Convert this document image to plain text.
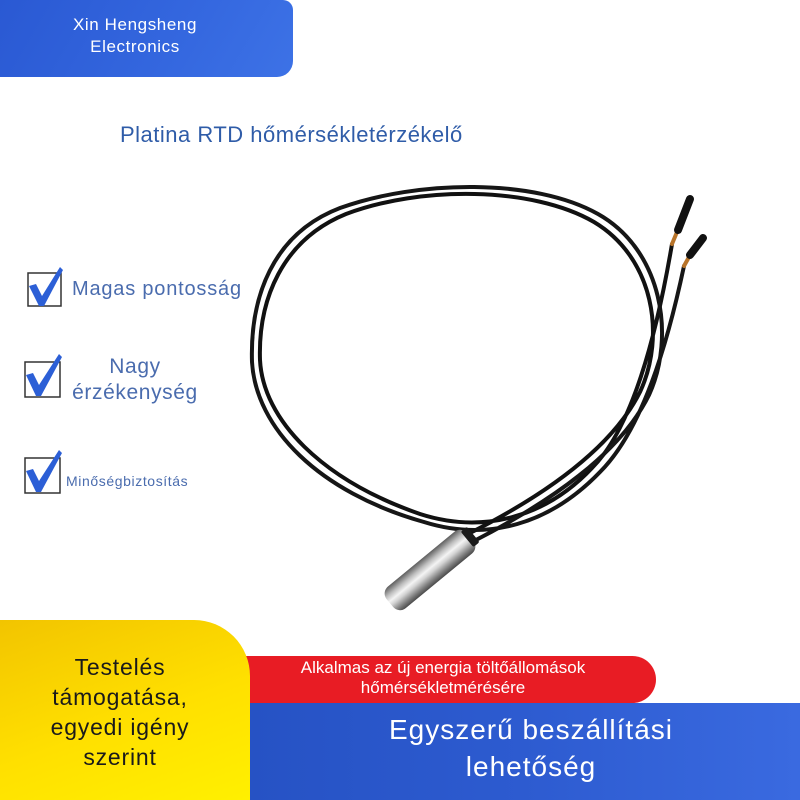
Xin Hengsheng
Electronics
Platina RTD hőmérsékletérzékelő
Magas pontosság
Nagy
érzékenység
Minőségbiztosítás
Alkalmas az új energia töltőállomások
hőmérsékletmérésére
Testelés
támogatása,
egyedi igény
szerint
Egyszerű beszállítási
lehetőség
